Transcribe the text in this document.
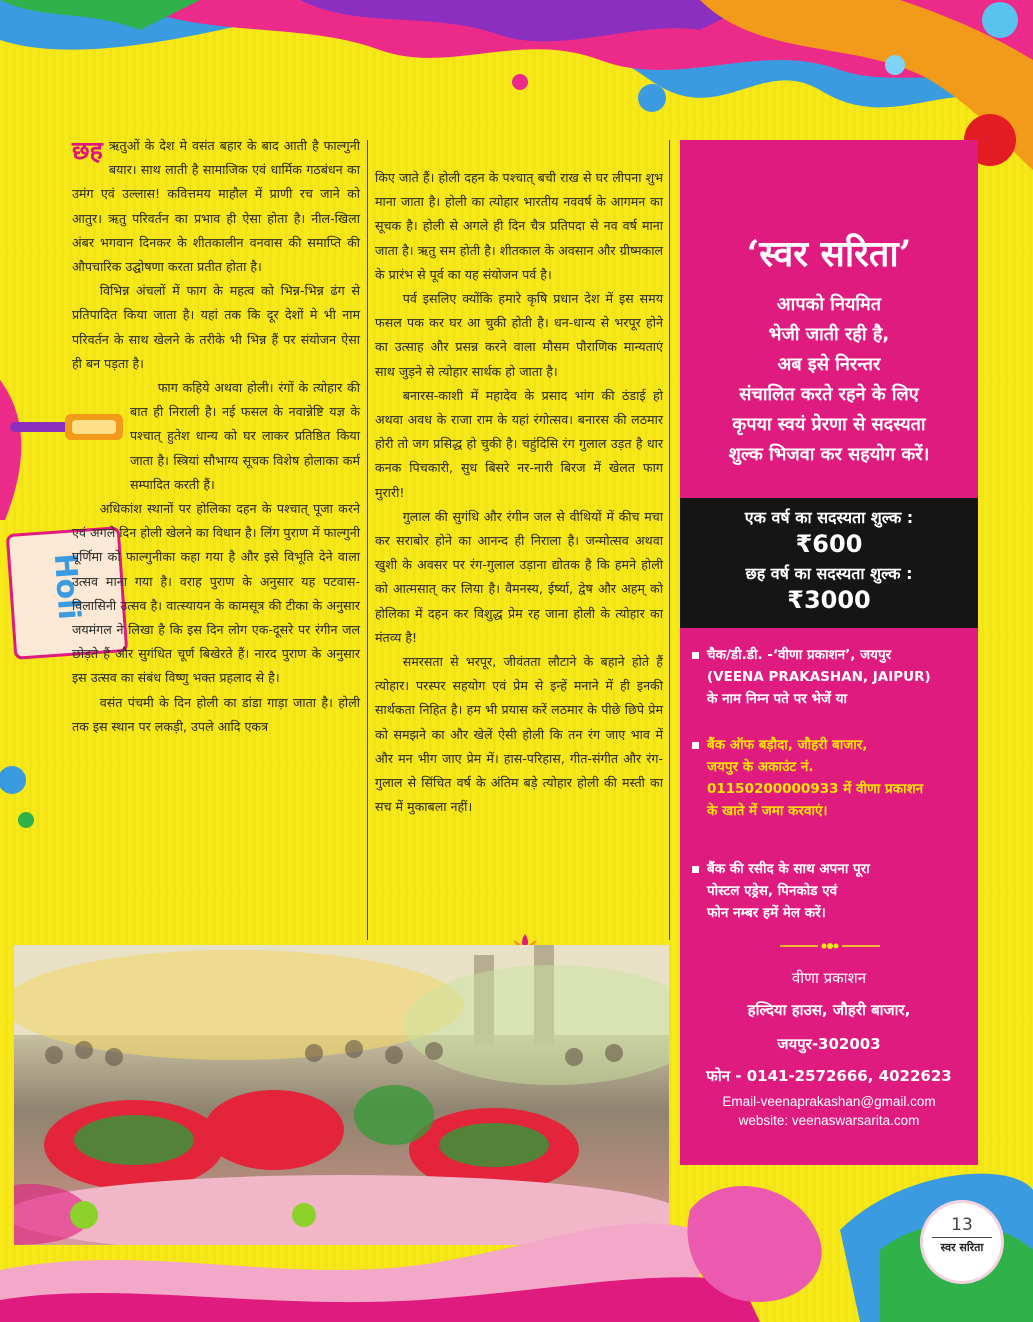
Holi

छह ऋतुओं के देश मे वसंत बहार के बाद आती है फाल्गुनी बयार। साथ लाती है सामाजिक एवं धार्मिक गठबंधन का उमंग एवं उल्लास! कवित्तमय माहौल में प्राणी रच जाने को आतुर। ऋतु परिवर्तन का प्रभाव ही ऐसा होता है। नील-खिला अंबर भगवान दिनकर के शीतकालीन वनवास की समाप्ति की औपचारिक उद्घोषणा करता प्रतीत होता है।

विभिन्न अंचलों में फाग के महत्व को भिन्न-भिन्न ढंग से प्रतिपादित किया जाता है। यहां तक कि दूर देशों मे भी नाम परिवर्तन के साथ खेलने के तरीके भी भिन्न हैं पर संयोजन ऐसा ही बन पड़ता है।

फाग कहिये अथवा होली। रंगों के त्योहार की बात ही निराली है। नई फसल के नवान्नेष्टि यज्ञ के पश्चात् हुतेश धान्य को घर लाकर प्रतिष्ठित किया जाता है। स्त्रियां सौभाग्य सूचक विशेष होलाका कर्म सम्पादित करती हैं।

अधिकांश स्थानों पर होलिका दहन के पश्चात् पूजा करने एवं अगले दिन होली खेलने का विधान है। लिंग पुराण में फाल्गुनी पूर्णिमा को फाल्गुनीका कहा गया है और इसे विभूति देने वाला उत्सव माना गया है। वराह पुराण के अनुसार यह पटवास- विलासिनी उत्सव है। वात्स्यायन के कामसूत्र की टीका के अनुसार जयमंगल ने लिखा है कि इस दिन लोग एक-दूसरे पर रंगीन जल छोड़ते हैं और सुगंधित चूर्ण बिखेरते हैं। नारद पुराण के अनुसार इस उत्सव का संबंध विष्णु भक्त प्रहलाद से है।

वसंत पंचमी के दिन होली का डांडा गाड़ा जाता है। होली तक इस स्थान पर लकड़ी, उपले आदि एकत्र

किए जाते हैं। होली दहन के पश्चात् बची राख से घर लीपना शुभ माना जाता है। होली का त्योहार भारतीय नववर्ष के आगमन का सूचक है। होली से अगले ही दिन चैत्र प्रतिपदा से नव वर्ष माना जाता है। ऋतु सम होती है। शीतकाल के अवसान और ग्रीष्मकाल के प्रारंभ से पूर्व का यह संयोजन पर्व है।

पर्व इसलिए क्योंकि हमारे कृषि प्रधान देश में इस समय फसल पक कर घर आ चुकी होती है। धन-धान्य से भरपूर होने का उत्साह और प्रसन्न करने वाला मौसम पौराणिक मान्यताएं साथ जुड़ने से त्योहार सार्थक हो जाता है।

बनारस-काशी में महादेव के प्रसाद भांग की ठंडाई हो अथवा अवध के राजा राम के यहां रंगोत्सव। बनारस की लठमार होरी तो जग प्रसिद्ध हो चुकी है। चहुंदिसि रंग गुलाल उड़त है धार कनक पिचकारी, सुध बिसरे नर-नारी बिरज में खेलत फाग मुरारी!

गुलाल की सुगंधि और रंगीन जल से वीथियों में कीच मचा कर सराबोर होने का आनन्द ही निराला है। जन्मोत्सव अथवा खुशी के अवसर पर रंग-गुलाल उड़ाना द्योतक है कि हमने होली को आत्मसात् कर लिया है। वैमनस्य, ईर्ष्या, द्वेष और अहम् को होलिका में दहन कर विशुद्ध प्रेम रह जाना होली के त्योहार का मंतव्य है!

समरसता से भरपूर, जीवंतता लौटाने के बहाने होते हैं त्योहार। परस्पर सहयोग एवं प्रेम से इन्हें मनाने में ही इनकी सार्थकता निहित है। हम भी प्रयास करें लठमार के पीछे छिपे प्रेम को समझने का और खेलें ऐसी होली कि तन रंग जाए भाव में और मन भीग जाए प्रेम में। हास-परिहास, गीत-संगीत और रंग-गुलाल से सिंचित वर्ष के अंतिम बड़े त्योहार होली की मस्ती का सच में मुकाबला नहीं।

‘स्वर सरिता’
आपको नियमित
भेजी जाती रही है,
अब इसे निरन्तर
संचालित करते रहने के लिए
कृपया स्वयं प्रेरणा से सदस्यता
शुल्क भिजवा कर सहयोग करें।
एक वर्ष का सदस्यता शुल्क :
₹600
छह वर्ष का सदस्यता शुल्क :
₹3000
चैक/डी.डी. -‘वीणा प्रकाशन’, जयपुर
(VEENA PRAKASHAN, JAIPUR)
के नाम निम्न पते पर भेजें या
बैंक ऑफ बड़ौदा, जौहरी बाजार,
जयपुर के अकाउंट नं.
01150200000933 में वीणा प्रकाशन
के खाते में जमा करवाएं।
बैंक की रसीद के साथ अपना पूरा
पोस्टल एड्रेस, पिनकोड एवं
फोन नम्बर हमें मेल करें।
वीणा प्रकाशन
हल्दिया हाउस, जौहरी बाजार,
जयपुर-302003
फोन - 0141-2572666, 4022623
Email-veenaprakashan@gmail.com
website: veenaswarsarita.com
13
स्वर सरिता
